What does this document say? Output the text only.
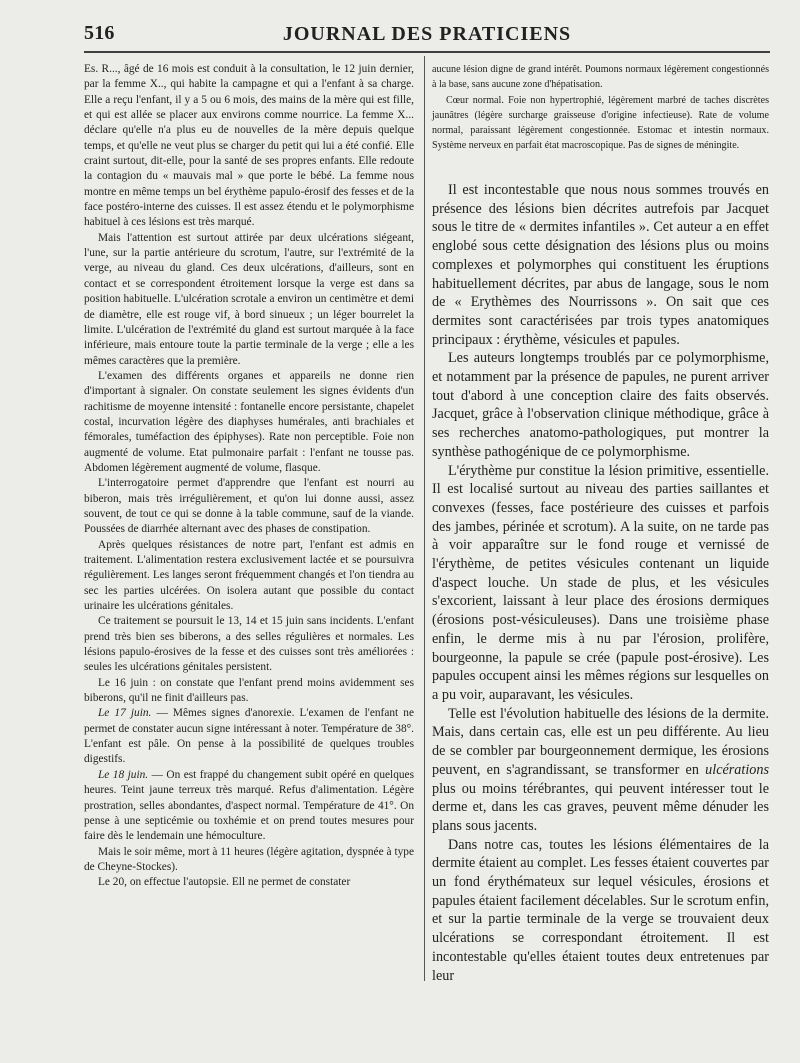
516	JOURNAL DES PRATICIENS

Es. R..., âgé de 16 mois est conduit à la consultation, le 12 juin dernier, par la femme X.., qui habite la campagne et qui a l'enfant à sa charge. Elle a reçu l'enfant, il y a 5 ou 6 mois, des mains de la mère qui est fille, et qui est allée se placer aux environs comme nourrice. La femme X... déclare qu'elle n'a plus eu de nouvelles de la mère depuis quelque temps, et qu'elle ne veut plus se charger du petit qui lui a été confié. Elle craint surtout, dit-elle, pour la santé de ses propres enfants. Elle redoute la contagion du « mauvais mal » que porte le bébé. La femme nous montre en même temps un bel érythème papulo-érosif des fesses et de la face postéro-interne des cuisses. Il est assez étendu et le polymorphisme habituel à ces lésions est très marqué.

Mais l'attention est surtout attirée par deux ulcérations siégeant, l'une, sur la partie antérieure du scrotum, l'autre, sur l'extrémité de la verge, au niveau du gland. Ces deux ulcérations, d'ailleurs, sont en contact et se correspondent étroitement lorsque la verge est dans sa position habituelle. L'ulcération scrotale a environ un centimètre et demi de diamètre, elle est rouge vif, à bord sinueux ; un léger bourrelet la limite. L'ulcération de l'extrémité du gland est surtout marquée à la face inférieure, mais entoure toute la partie terminale de la verge ; elle a les mêmes caractères que la première.

L'examen des différents organes et appareils ne donne rien d'important à signaler. On constate seulement les signes évidents d'un rachitisme de moyenne intensité : fontanelle encore persistante, chapelet costal, incurvation légère des diaphyses humérales, anti brachiales et fémorales, tuméfaction des épiphyses). Rate non perceptible. Foie non augmenté de volume. Etat pulmonaire parfait : l'enfant ne tousse pas. Abdomen légèrement augmenté de volume, flasque.

L'interrogatoire permet d'apprendre que l'enfant est nourri au biberon, mais très irrégulièrement, et qu'on lui donne aussi, assez souvent, de tout ce qui se donne à la table commune, sauf de la viande. Poussées de diarrhée alternant avec des phases de constipation.

Après quelques résistances de notre part, l'enfant est admis en traitement. L'alimentation restera exclusivement lactée et se poursuivra régulièrement. Les langes seront fréquemment changés et l'on tiendra au sec les parties ulcérées. On isolera autant que possible du contact urinaire les ulcérations génitales.

Ce traitement se poursuit le 13, 14 et 15 juin sans incidents. L'enfant prend très bien ses biberons, a des selles régulières et normales. Les lésions papulo-érosives de la fesse et des cuisses sont très améliorées : seules les ulcérations génitales persistent.

Le 16 juin : on constate que l'enfant prend moins avidemment ses biberons, qu'il ne finit d'ailleurs pas.

Le 17 juin. — Mêmes signes d'anorexie. L'examen de l'enfant ne permet de constater aucun signe intéressant à noter. Température de 38°. L'enfant est pâle. On pense à la possibilité de quelques troubles digestifs.

Le 18 juin. — On est frappé du changement subit opéré en quelques heures. Teint jaune terreux très marqué. Refus d'alimentation. Légère prostration, selles abondantes, d'aspect normal. Température de 41°. On pense à une septicémie ou toxhémie et on prend toutes mesures pour faire dès le lendemain une hémoculture.

Mais le soir même, mort à 11 heures (légère agitation, dyspnée à type de Cheyne-Stockes).

Le 20, on effectue l'autopsie. Ell ne permet de constater

aucune lésion digne de grand intérêt. Poumons normaux légèrement congestionnés à la base, sans aucune zone d'hépatisation.

Cœur normal. Foie non hypertrophié, légèrement marbré de taches discrètes jaunâtres (légère surcharge graisseuse d'origine infectieuse). Rate de volume normal, paraissant légèrement congestionnée. Estomac et intestin normaux. Système nerveux en parfait état macroscopique. Pas de signes de méningite.

Il est incontestable que nous nous sommes trouvés en présence des lésions bien décrites autrefois par Jacquet sous le titre de « dermites infantiles ». Cet auteur a en effet englobé sous cette désignation des lésions plus ou moins complexes et polymorphes qui constituent les éruptions habituellement décrites, par abus de langage, sous le nom de « Erythèmes des Nourrissons ». On sait que ces dermites sont caractérisées par trois types anatomiques principaux : érythème, vésicules et papules.

Les auteurs longtemps troublés par ce polymorphisme, et notamment par la présence de papules, ne purent arriver tout d'abord à une conception claire des faits observés. Jacquet, grâce à l'observation clinique méthodique, grâce à ses recherches anatomo-pathologiques, put montrer la synthèse pathogénique de ce polymorphisme.

L'érythème pur constitue la lésion primitive, essentielle. Il est localisé surtout au niveau des parties saillantes et convexes (fesses, face postérieure des cuisses et parfois des jambes, périnée et scrotum). A la suite, on ne tarde pas à voir apparaître sur le fond rouge et vernissé de l'érythème, de petites vésicules contenant un liquide d'aspect louche. Un stade de plus, et les vésicules s'excorient, laissant à leur place des érosions dermiques (érosions post-vésiculeuses). Dans une troisième phase enfin, le derme mis à nu par l'érosion, prolifère, bourgeonne, la papule se crée (papule post-érosive). Les papules occupent ainsi les mêmes régions sur lesquelles on a pu voir, auparavant, les vésicules.

Telle est l'évolution habituelle des lésions de la dermite. Mais, dans certain cas, elle est un peu différente. Au lieu de se combler par bourgeonnement dermique, les érosions peuvent, en s'agrandissant, se transformer en ulcérations plus ou moins térébrantes, qui peuvent intéresser tout le derme et, dans les cas graves, peuvent même dénuder les plans sous jacents.

Dans notre cas, toutes les lésions élémentaires de la dermite étaient au complet. Les fesses étaient couvertes par un fond érythémateux sur lequel vésicules, érosions et papules étaient facilement décelables. Sur le scrotum enfin, et sur la partie terminale de la verge se trouvaient deux ulcérations se correspondant étroitement. Il est incontestable qu'elles étaient toutes deux entretenues par leur
